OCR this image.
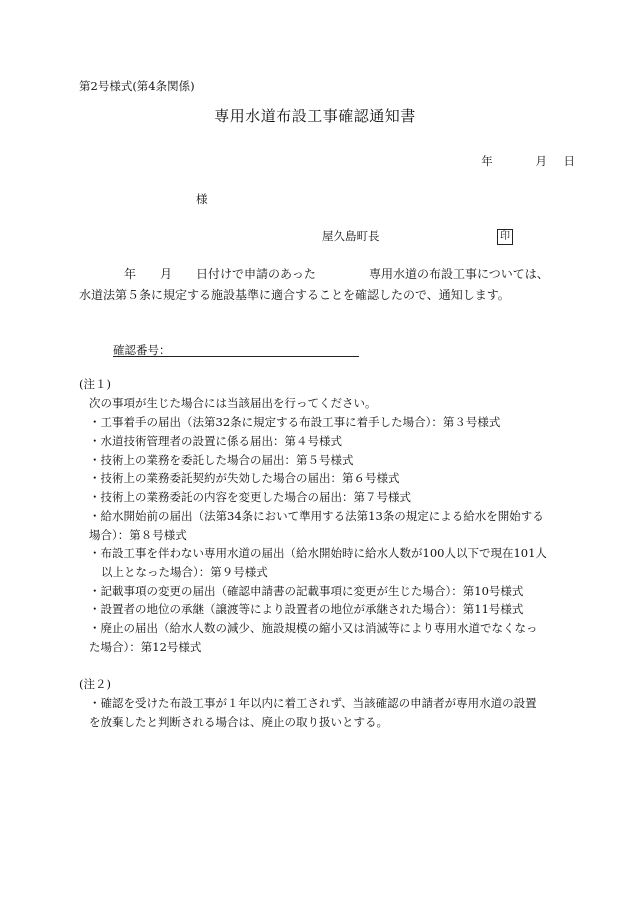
第2号様式(第4条関係)
専用水道布設工事確認通知書
年	月 日
様
屋久島町長	印
年 月 日付けで申請のあった	専用水道の布設工事については、
水道法第５条に規定する施設基準に適合することを確認したので、通知します。
確認番号：
(注１)
次の事項が生じた場合には当該届出を行ってください。
・工事着手の届出（法第32条に規定する布設工事に着手した場合）：第３号様式
・水道技術管理者の設置に係る届出：第４号様式
・技術上の業務を委託した場合の届出：第５号様式
・技術上の業務委託契約が失効した場合の届出：第６号様式
・技術上の業務委託の内容を変更した場合の届出：第７号様式
・給水開始前の届出（法第34条において準用する法第13条の規定による給水を開始する
場合）：第８号様式
・布設工事を伴わない専用水道の届出（給水開始時に給水人数が100人以下で現在101人
以上となった場合）：第９号様式
・記載事項の変更の届出（確認申請書の記載事項に変更が生じた場合）：第10号様式
・設置者の地位の承継（譲渡等により設置者の地位が承継された場合）：第11号様式
・廃止の届出（給水人数の減少、施設規模の縮小又は消滅等により専用水道でなくなっ
た場合）：第12号様式
(注２)
・確認を受けた布設工事が１年以内に着工されず、当該確認の申請者が専用水道の設置
を放棄したと判断される場合は、廃止の取り扱いとする。
